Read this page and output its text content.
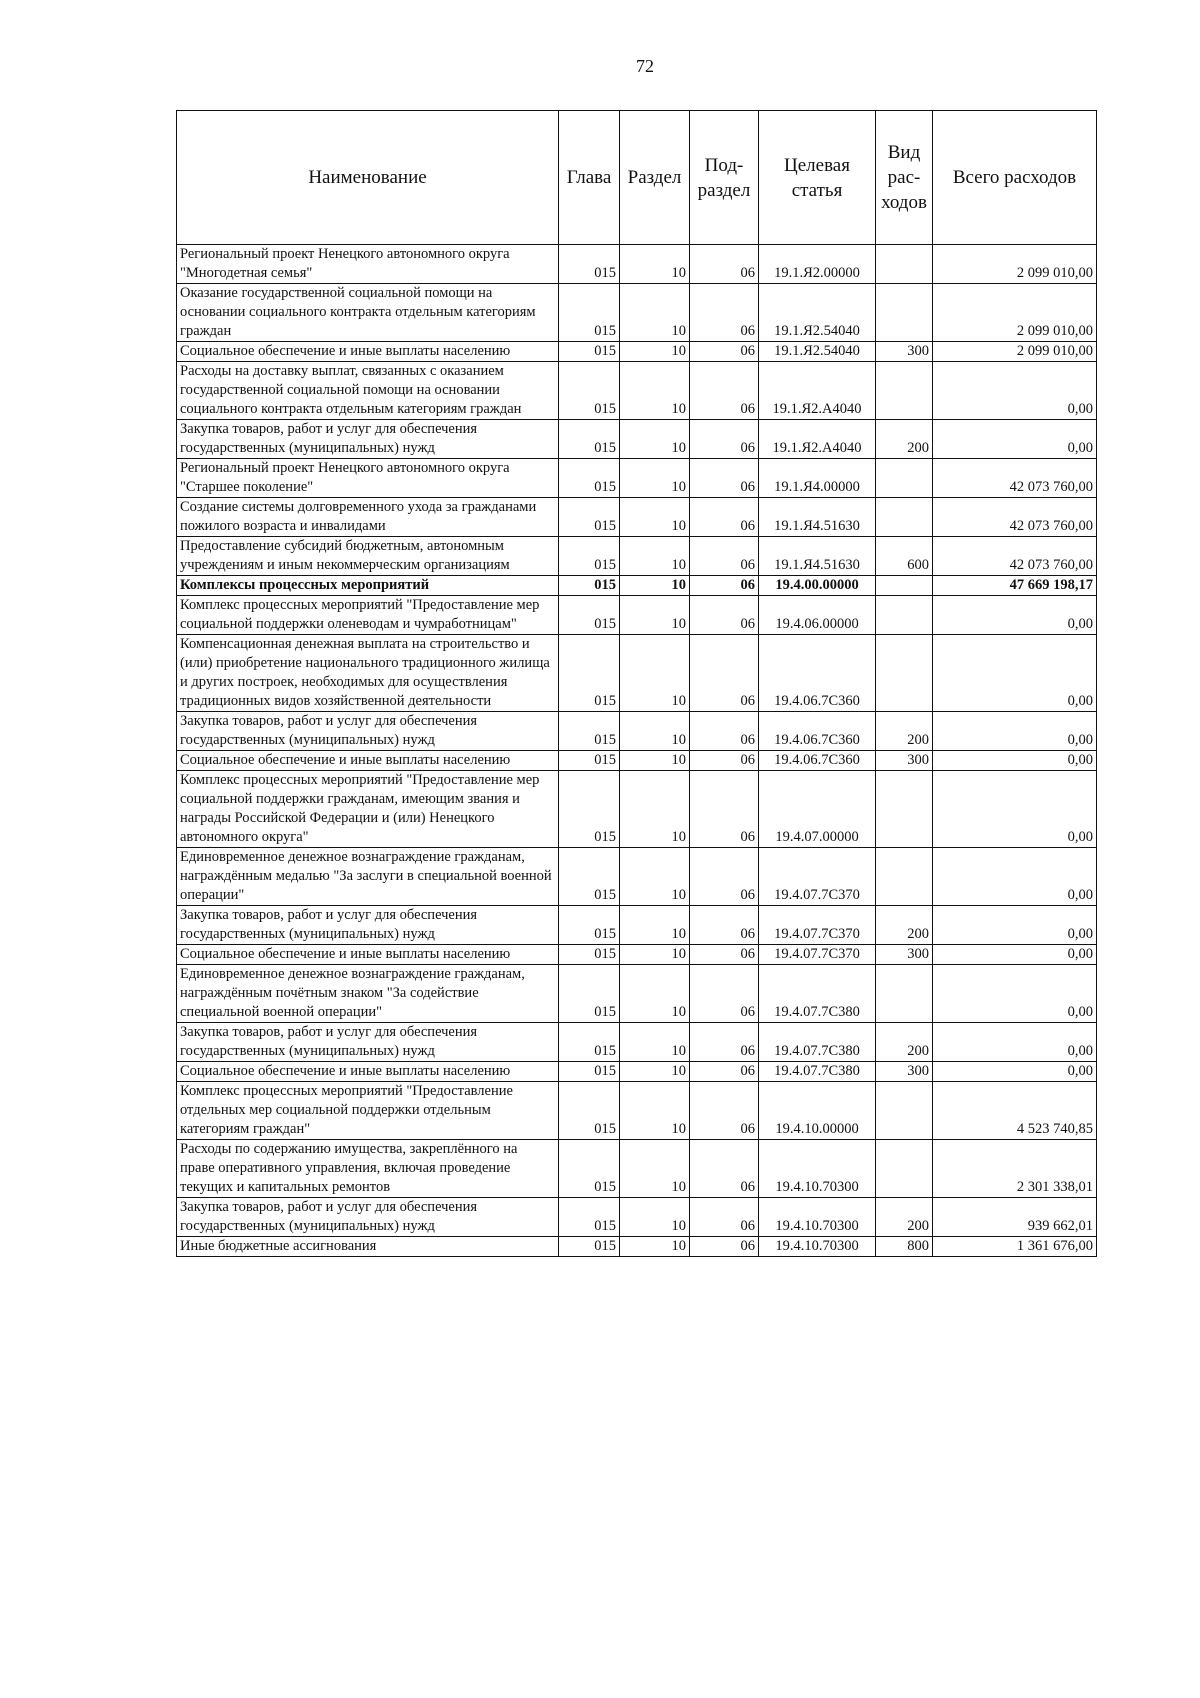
72
Наименование	Глава	Раздел	Под-раздел	Целевая статья	Вид рас-ходов	Всего расходов
Региональный проект Ненецкого автономного округа "Многодетная семья"	015	10	06	19.1.Я2.00000		2 099 010,00
Оказание государственной социальной помощи на основании социального контракта отдельным категориям граждан	015	10	06	19.1.Я2.54040		2 099 010,00
Социальное обеспечение и иные выплаты населению	015	10	06	19.1.Я2.54040	300	2 099 010,00
Расходы на доставку выплат, связанных с оказанием государственной социальной помощи на основании социального контракта отдельным категориям граждан	015	10	06	19.1.Я2.А4040		0,00
Закупка товаров, работ и услуг для обеспечения государственных (муниципальных) нужд	015	10	06	19.1.Я2.А4040	200	0,00
Региональный проект Ненецкого автономного округа "Старшее поколение"	015	10	06	19.1.Я4.00000		42 073 760,00
Создание системы долговременного ухода за гражданами пожилого возраста и инвалидами	015	10	06	19.1.Я4.51630		42 073 760,00
Предоставление субсидий бюджетным, автономным учреждениям и иным некоммерческим организациям	015	10	06	19.1.Я4.51630	600	42 073 760,00
Комплексы процессных мероприятий	015	10	06	19.4.00.00000		47 669 198,17
Комплекс процессных мероприятий "Предоставление мер социальной поддержки оленеводам и чумработницам"	015	10	06	19.4.06.00000		0,00
Компенсационная денежная выплата на строительство и (или) приобретение национального традиционного жилища и других построек, необходимых для осуществления традиционных видов хозяйственной деятельности	015	10	06	19.4.06.7С360		0,00
Закупка товаров, работ и услуг для обеспечения государственных (муниципальных) нужд	015	10	06	19.4.06.7С360	200	0,00
Социальное обеспечение и иные выплаты населению	015	10	06	19.4.06.7С360	300	0,00
Комплекс процессных мероприятий "Предоставление мер социальной поддержки гражданам, имеющим звания и награды Российской Федерации и (или) Ненецкого автономного округа"	015	10	06	19.4.07.00000		0,00
Единовременное денежное вознаграждение гражданам, награждённым медалью "За заслуги в специальной военной операции"	015	10	06	19.4.07.7С370		0,00
Закупка товаров, работ и услуг для обеспечения государственных (муниципальных) нужд	015	10	06	19.4.07.7С370	200	0,00
Социальное обеспечение и иные выплаты населению	015	10	06	19.4.07.7С370	300	0,00
Единовременное денежное вознаграждение гражданам, награждённым почётным знаком "За содействие специальной военной операции"	015	10	06	19.4.07.7С380		0,00
Закупка товаров, работ и услуг для обеспечения государственных (муниципальных) нужд	015	10	06	19.4.07.7С380	200	0,00
Социальное обеспечение и иные выплаты населению	015	10	06	19.4.07.7С380	300	0,00
Комплекс процессных мероприятий "Предоставление отдельных мер социальной поддержки отдельным категориям граждан"	015	10	06	19.4.10.00000		4 523 740,85
Расходы по содержанию имущества, закреплённого на праве оперативного управления, включая проведение текущих и капитальных ремонтов	015	10	06	19.4.10.70300		2 301 338,01
Закупка товаров, работ и услуг для обеспечения государственных (муниципальных) нужд	015	10	06	19.4.10.70300	200	939 662,01
Иные бюджетные ассигнования	015	10	06	19.4.10.70300	800	1 361 676,00
